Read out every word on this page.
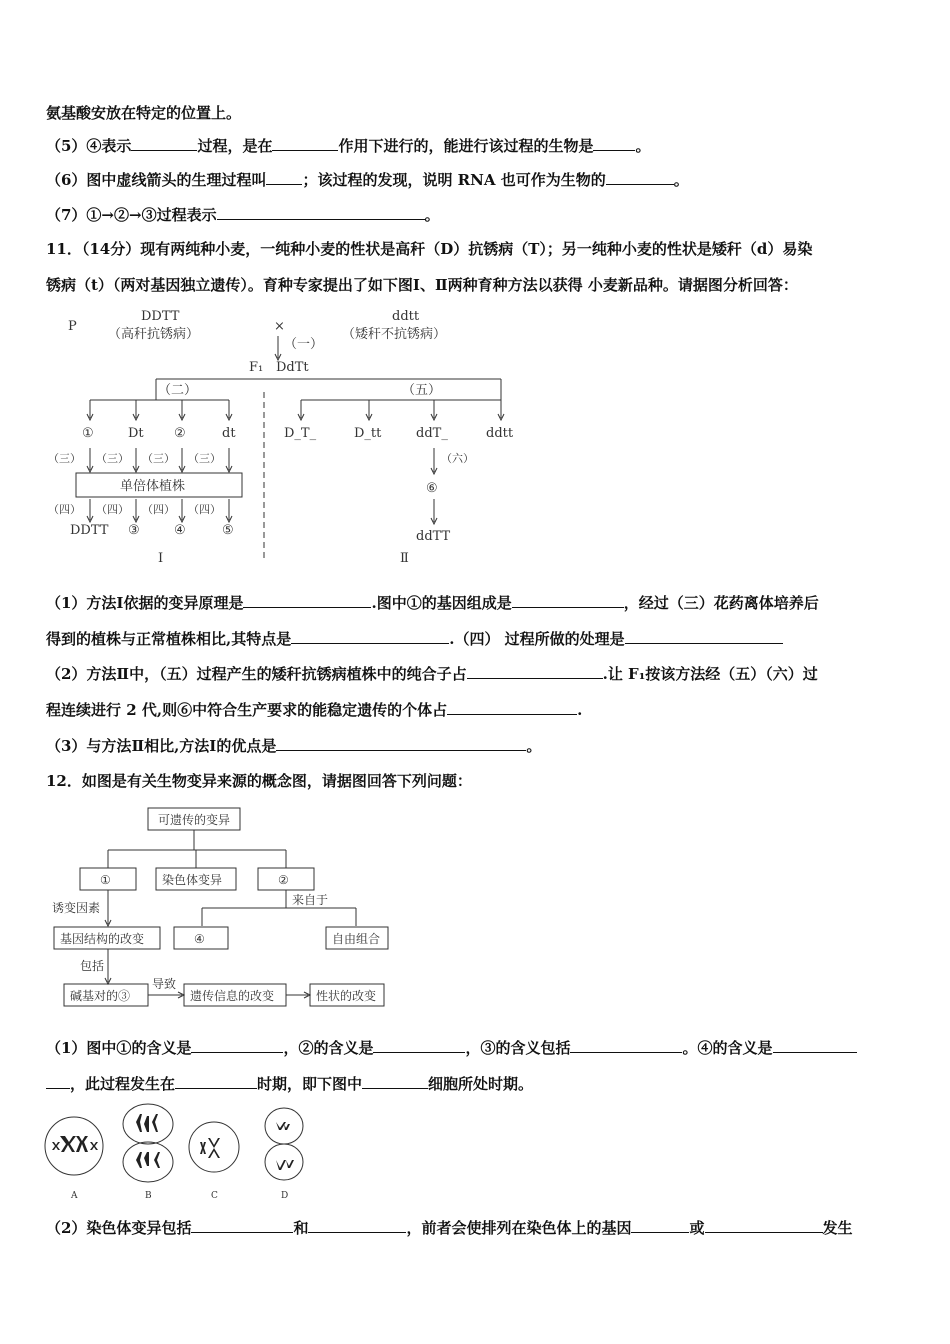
氨基酸安放在特定的位置上。
（5）④表示	过程，是在	作用下进行的，能进行该过程的生物是	。
（6）图中虚线箭头的生理过程叫 ；该过程的发现，说明 RNA 也可作为生物的	。
（7）①→②→③过程表示	。
11．（14分）现有两纯种小麦，一纯种小麦的性状是高秆（D）抗锈病（T）；另一纯种小麦的性状是矮秆（d）易染
锈病（t）（两对基因独立遗传）。育种专家提出了如下图Ⅰ、Ⅱ两种育种方法以获得 小麦新品种。请据图分析回答：
P
DDTT
（高秆抗锈病）
×
ddtt
（矮秆不抗锈病）
（一）
F₁ DdTt
（二）	（五）
①	Dt ②	dt	D_T_	D_tt	ddT_	ddtt
（三） （三） （三） （三）
（四） （四） （四） （四）
单倍体植株
DDTT ③	④	⑤
Ⅰ
（六）
⑥
ddTT
Ⅱ
（1）方法Ⅰ依据的变异原理是	.图中①的基因组成是	，经过（三）花药离体培养后
得到的植株与正常植株相比,其特点是	.（四） 过程所做的处理是
（2）方法Ⅱ中，（五）过程产生的矮秆抗锈病植株中的纯合子占	.让 F₁按该方法经（五）（六）过
程连续进行 2 代,则⑥中符合生产要求的能稳定遗传的个体占	.
（3）与方法Ⅱ相比,方法Ⅰ的优点是	。
12．如图是有关生物变异来源的概念图，请据图回答下列问题：
可遗传的变异
①	染色体变异	②
诱变因素
来自于
基因结构的改变	④	自由组合
包括
碱基对的③
导致
遗传信息的改变	性状的改变
（1）图中①的含义是	，②的含义是	，③的含义包括	。④的含义是
，此过程发生在	时期，即下图中	细胞所处时期。
A	B	C	D
（2）染色体变异包括	和	，前者会使排列在染色体上的基因	或	发生
